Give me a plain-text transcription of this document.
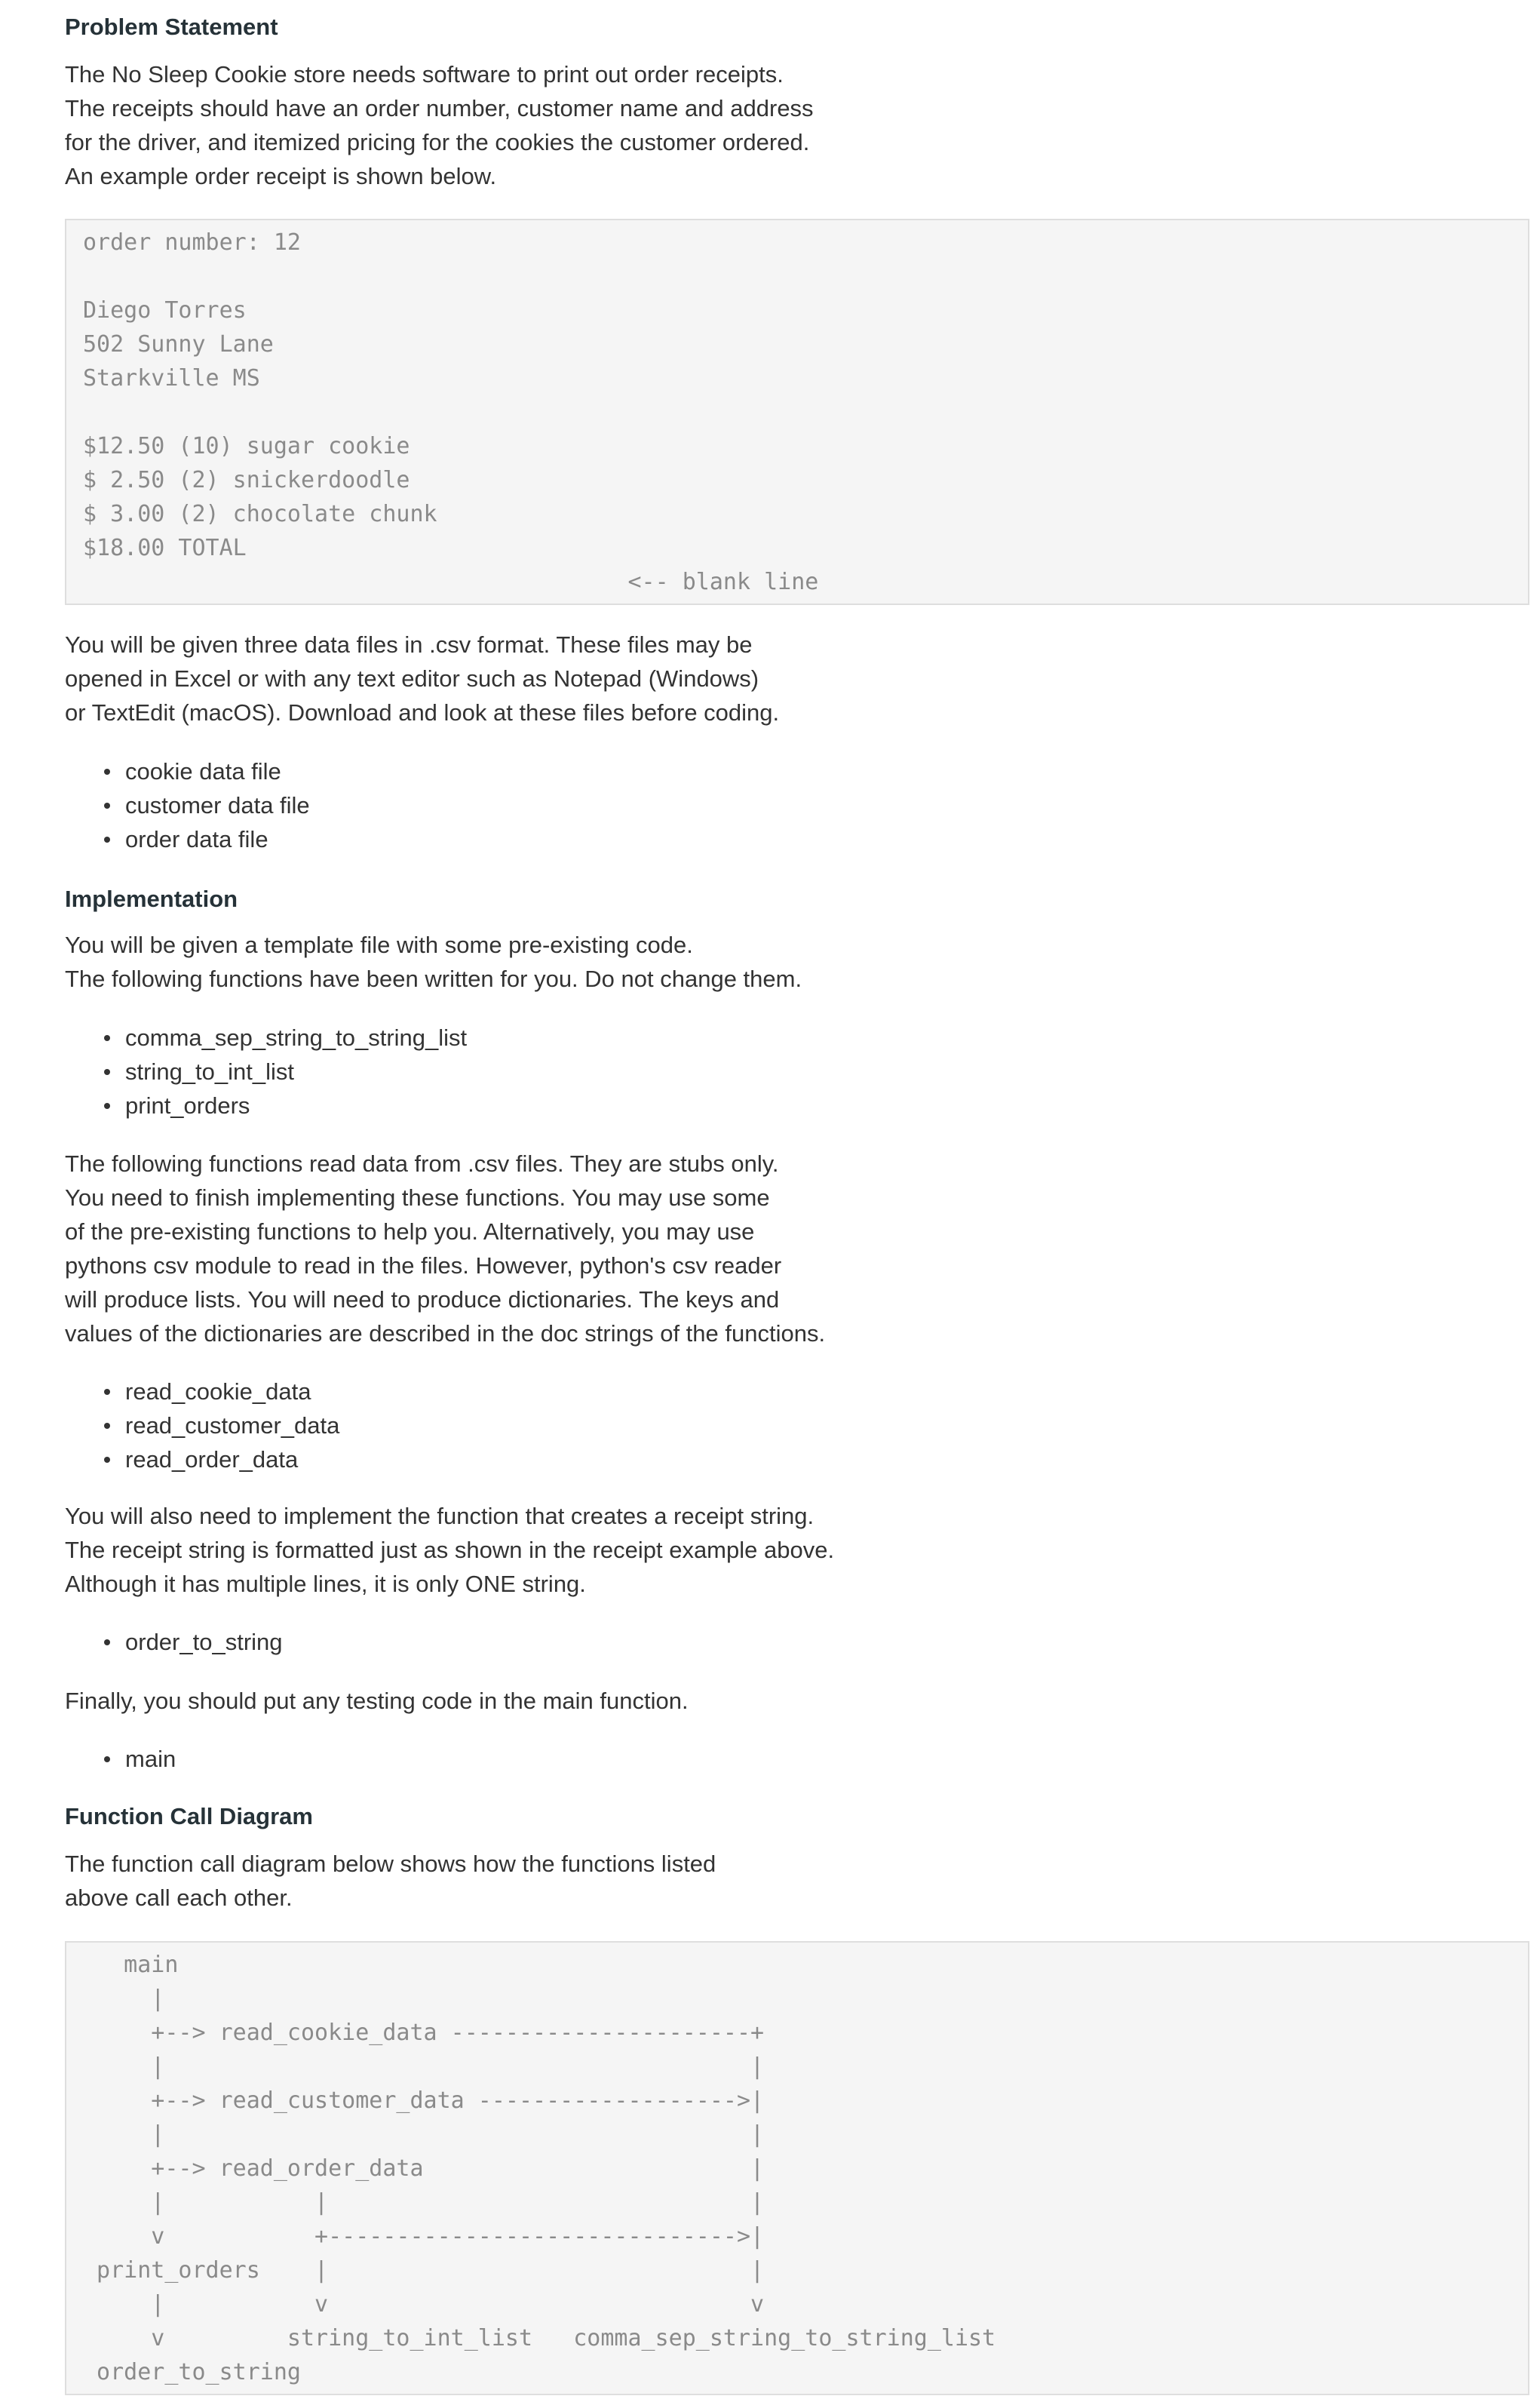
Problem Statement

The No Sleep Cookie store needs software to print out order receipts.
The receipts should have an order number, customer name and address
for the driver, and itemized pricing for the cookies the customer ordered.
An example order receipt is shown below.

order number: 12
Diego Torres
502 Sunny Lane
Starkville MS
$12.50 (10) sugar cookie
$ 2.50 (2) snickerdoodle
$ 3.00 (2) chocolate chunk
$18.00 TOTAL
<-- blank line

You will be given three data files in .csv format. These files may be
opened in Excel or with any text editor such as Notepad (Windows)
or TextEdit (macOS). Download and look at these files before coding.

cookie data file
customer data file
order data file
Implementation

You will be given a template file with some pre-existing code.
The following functions have been written for you. Do not change them.

comma_sep_string_to_string_list
string_to_int_list
print_orders

The following functions read data from .csv files. They are stubs only.
You need to finish implementing these functions. You may use some
of the pre-existing functions to help you. Alternatively, you may use
pythons csv module to read in the files. However, python's csv reader
will produce lists. You will need to produce dictionaries. The keys and
values of the dictionaries are described in the doc strings of the functions.

read_cookie_data
read_customer_data
read_order_data

You will also need to implement the function that creates a receipt string.
The receipt string is formatted just as shown in the receipt example above.
Although it has multiple lines, it is only ONE string.

order_to_string

Finally, you should put any testing code in the main function.

main
Function Call Diagram

The function call diagram below shows how the functions listed
above call each other.

main
|
+--> read_cookie_data ----------------------+
|                                           |
+--> read_customer_data ------------------->|
|                                           |
+--> read_order_data                        |
|           |                               |
v           +------------------------------>|
print_orders    |                               |
|           v                               v
v         string_to_int_list   comma_sep_string_to_string_list
order_to_string
